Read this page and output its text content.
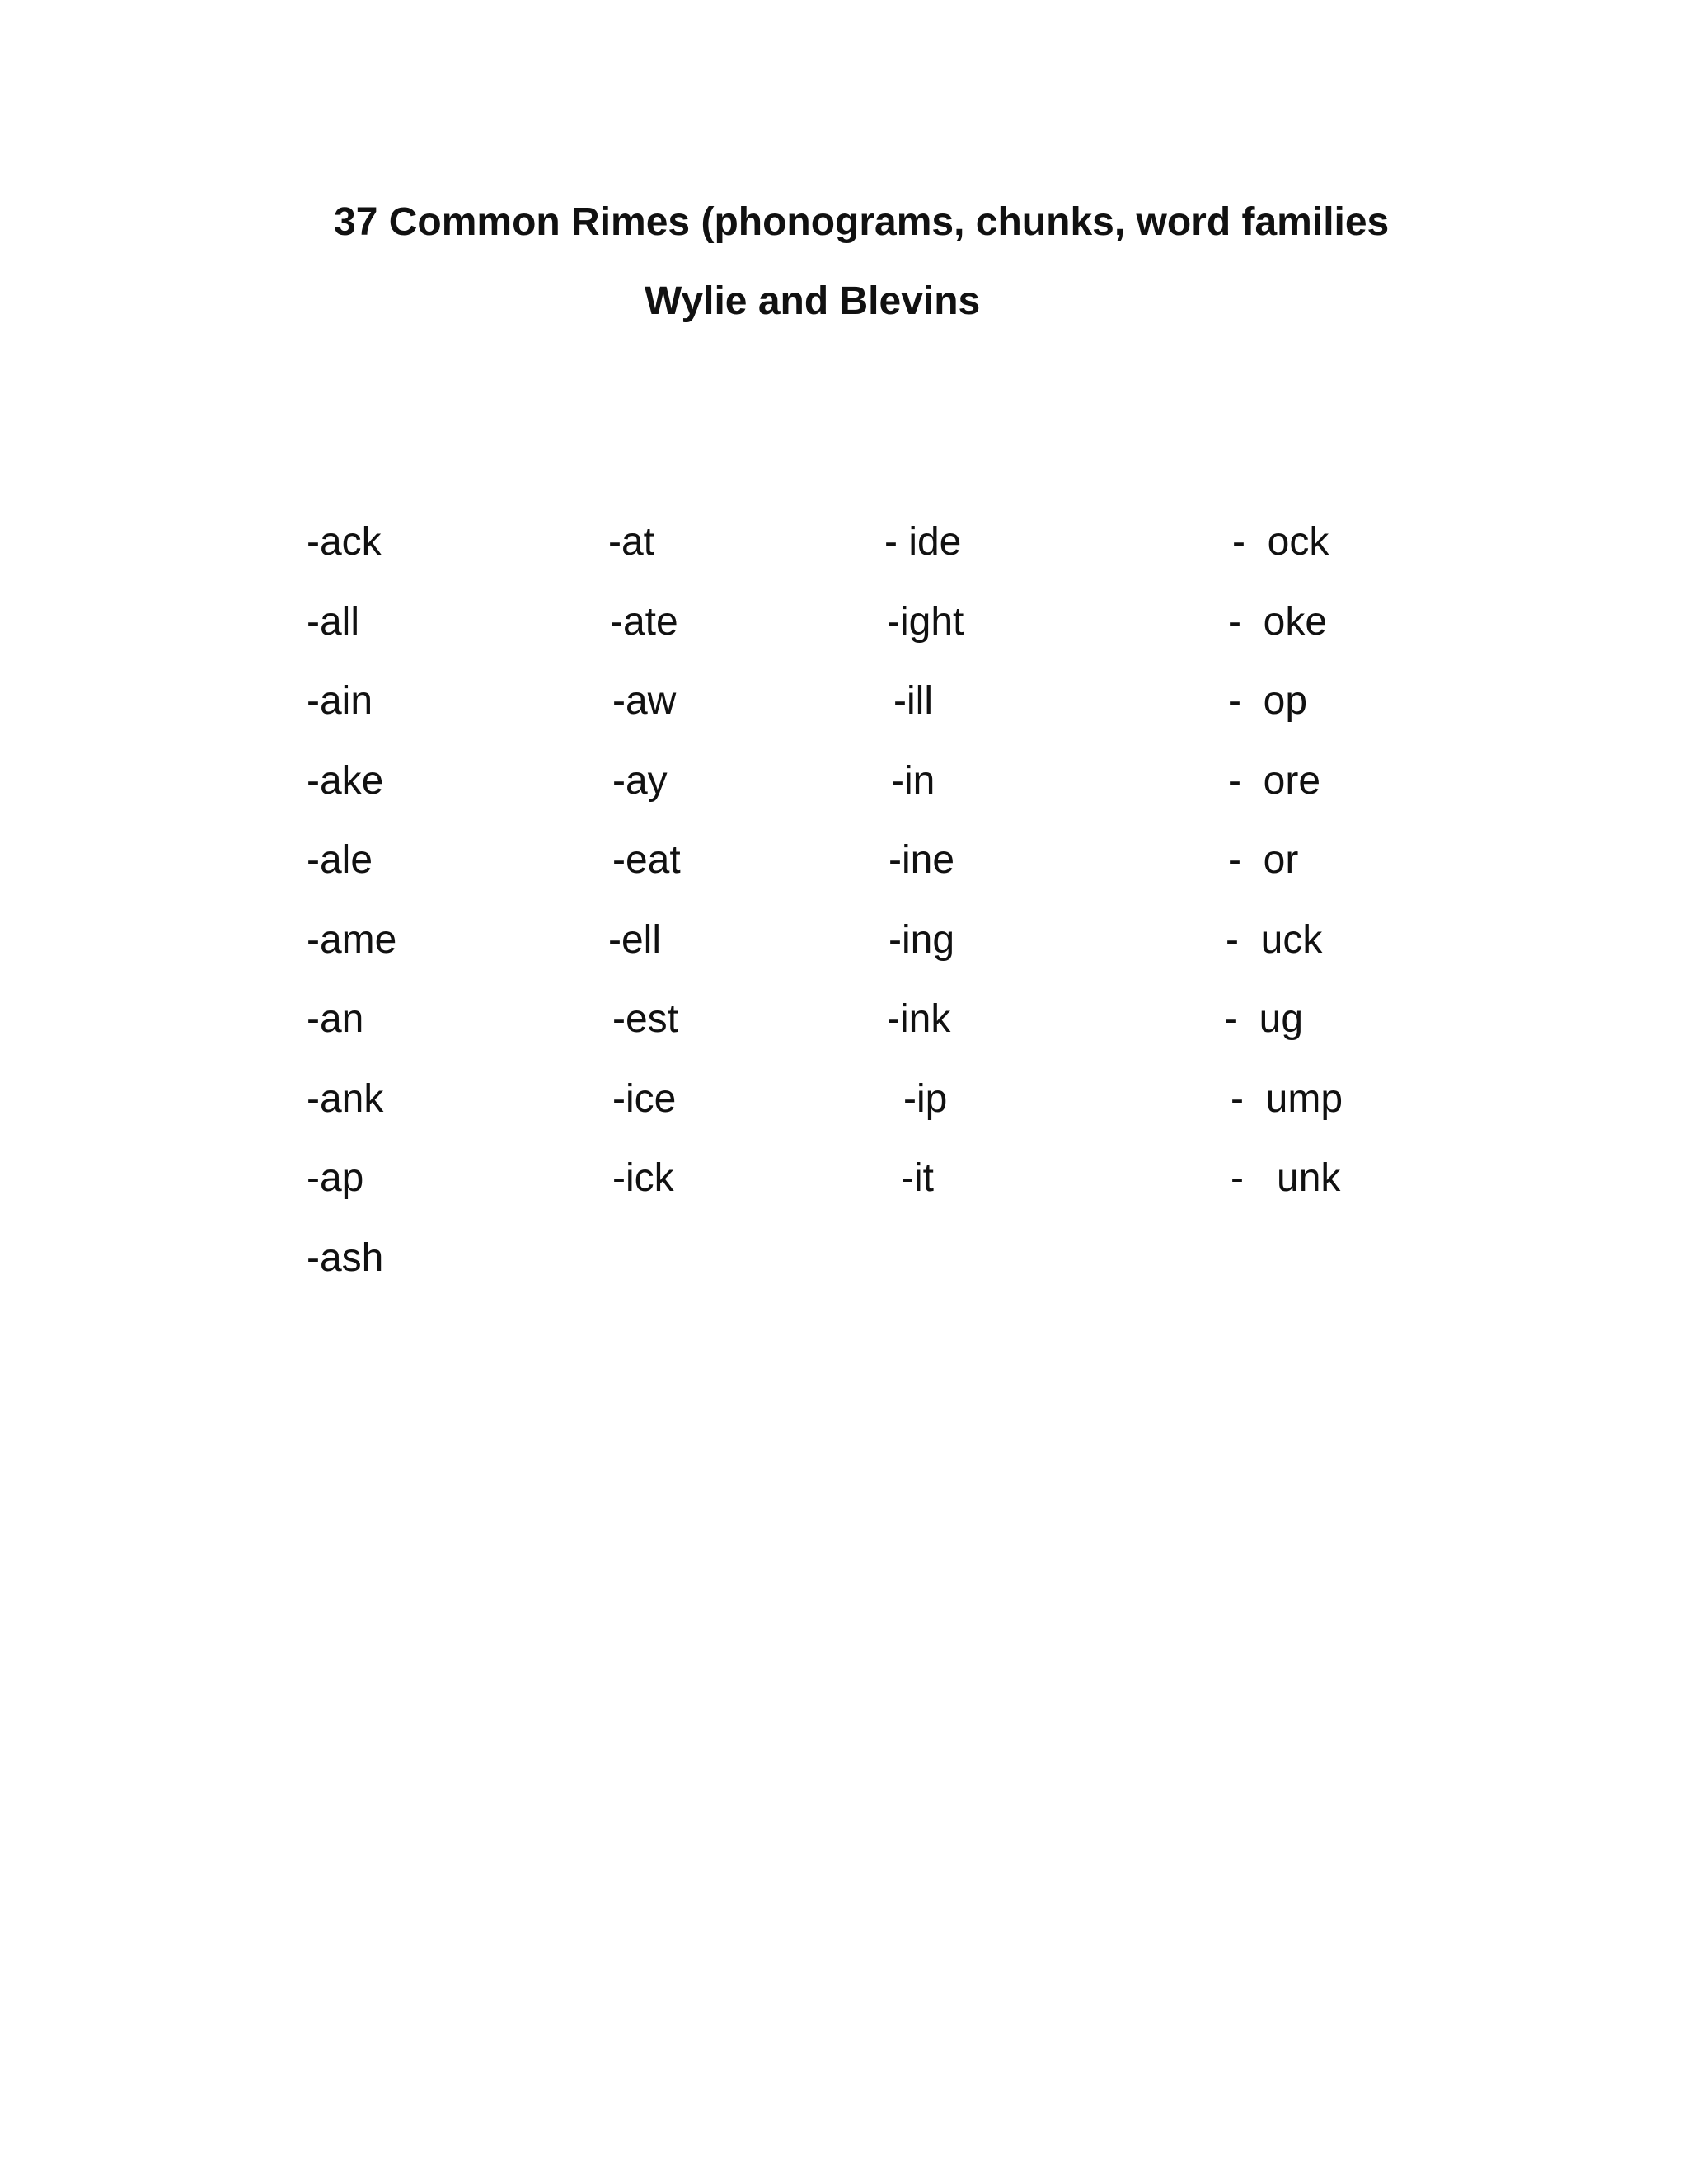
37 Common Rimes (phonograms, chunks, word families
Wylie and Blevins
-ack
-all
-ain
-ake
-ale
-ame
-an
-ank
-ap
-ash
-at
-ate
-aw
-ay
-eat
-ell
-est
-ice
-ick
- ide
-ight
-ill
-in
-ine
-ing
-ink
-ip
-it
-  ock
-  oke
-  op
-  ore
-  or
-  uck
-  ug
-  ump
-   unk
